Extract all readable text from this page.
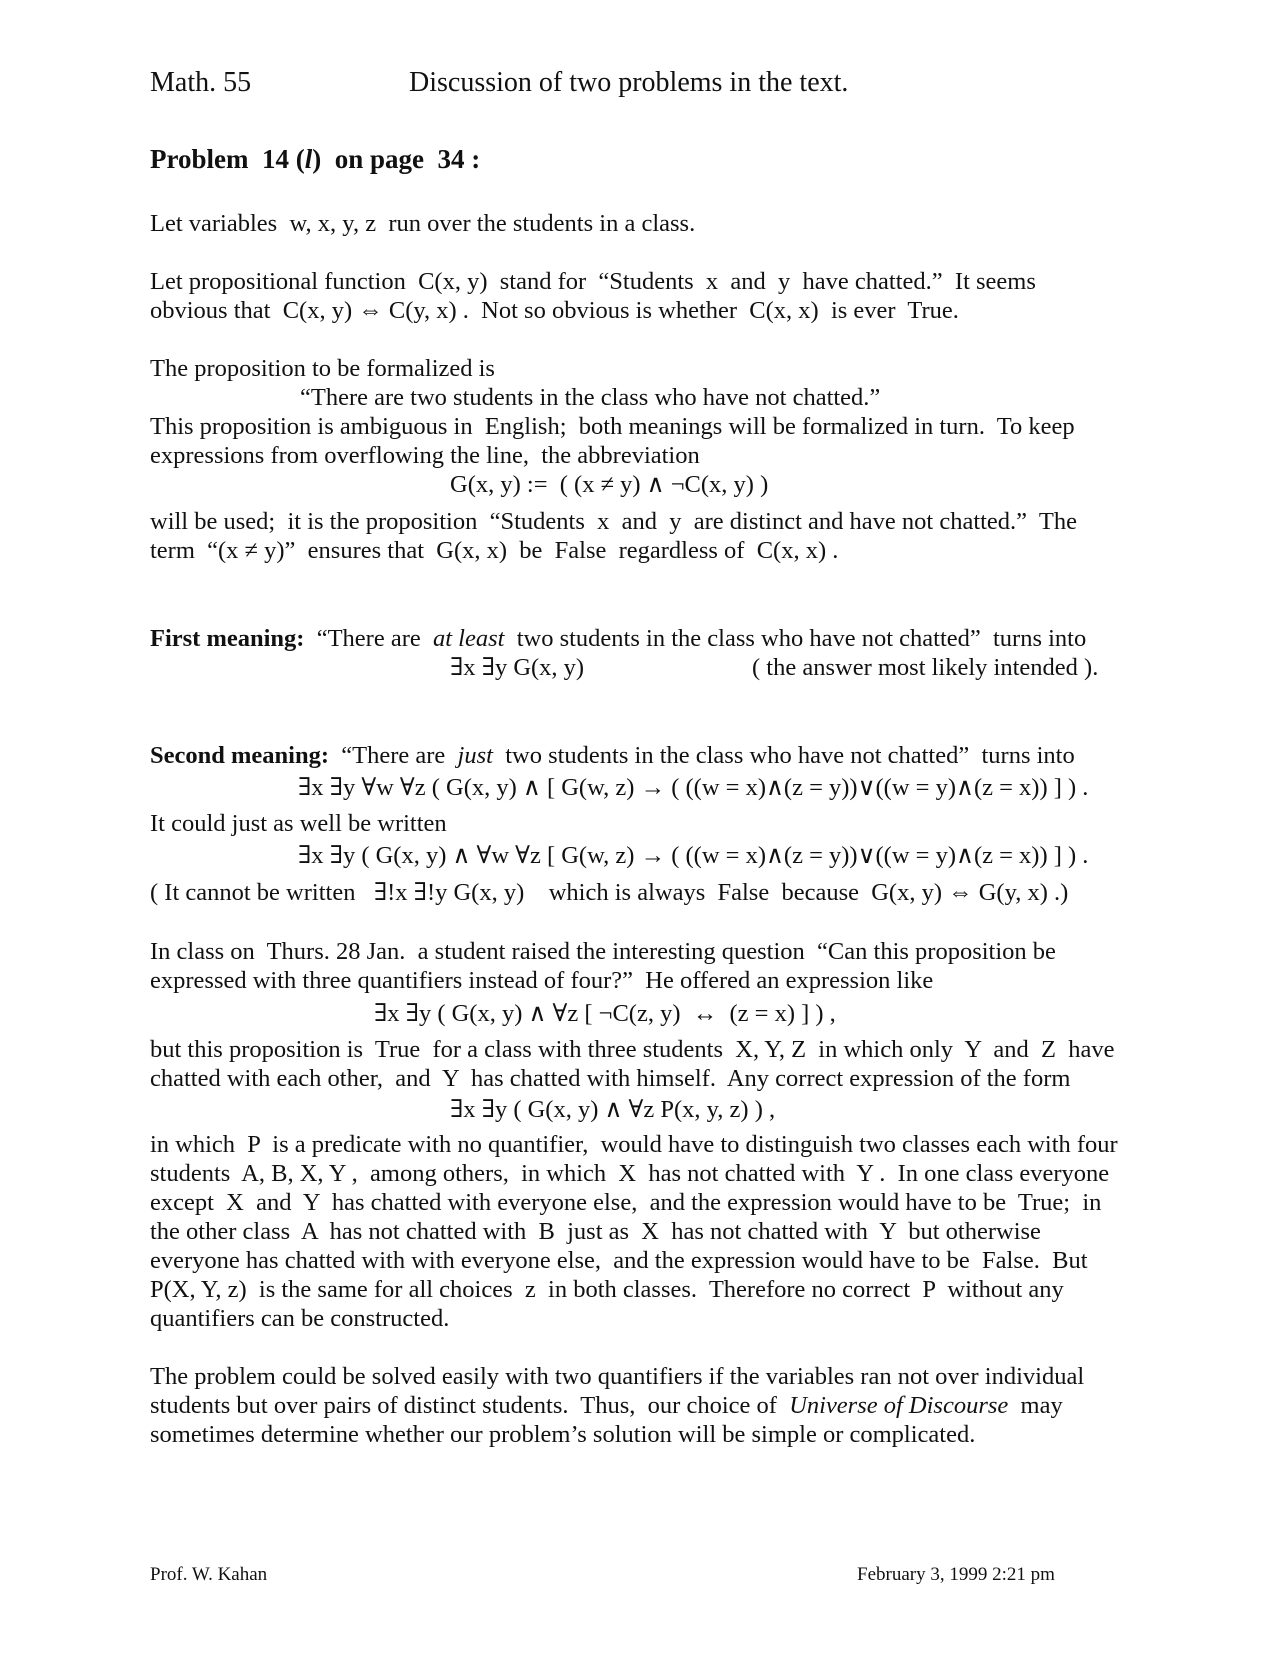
Math. 55	Discussion of two problems in the text.
Problem  14 (l)  on page  34 :
Let variables  w, x, y, z  run over the students in a class.
Let propositional function  C(x, y)  stand for  “Students  x  and  y  have chatted.”  It seems
obvious that  C(x, y) ⇔ C(y, x) .  Not so obvious is whether  C(x, x)  is ever  True.
The proposition to be formalized is
“There are two students in the class who have not chatted.”
This proposition is ambiguous in  English;  both meanings will be formalized in turn.  To keep
expressions from overflowing the line,  the abbreviation
G(x, y) :=  ( (x ≠ y) ∧ ¬C(x, y) )
will be used;  it is the proposition  “Students  x  and  y  are distinct and have not chatted.”  The
term  “(x ≠ y)”  ensures that  G(x, x)  be  False  regardless of  C(x, x) .
First meaning:  “There are  at least  two students in the class who have not chatted”  turns into
∃x ∃y G(x, y)	( the answer most likely intended ).
Second meaning:  “There are  just  two students in the class who have not chatted”  turns into
∃x ∃y ∀w ∀z ( G(x, y) ∧ [ G(w, z) → ( ((w = x)∧(z = y))∨((w = y)∧(z = x)) ] ) .
It could just as well be written
∃x ∃y ( G(x, y) ∧ ∀w ∀z [ G(w, z) → ( ((w = x)∧(z = y))∨((w = y)∧(z = x)) ] ) .
( It cannot be written   ∃!x ∃!y G(x, y)    which is always  False  because  G(x, y) ⇔ G(y, x) .)
In class on  Thurs. 28 Jan.  a student raised the interesting question  “Can this proposition be
expressed with three quantifiers instead of four?”  He offered an expression like
∃x ∃y ( G(x, y) ∧ ∀z [ ¬C(z, y)  ↔  (z = x) ] ) ,
but this proposition is  True  for a class with three students  X, Y, Z  in which only  Y  and  Z  have
chatted with each other,  and  Y  has chatted with himself.  Any correct expression of the form
∃x ∃y ( G(x, y) ∧ ∀z P(x, y, z) ) ,
in which  P  is a predicate with no quantifier,  would have to distinguish two classes each with four
students  A, B, X, Y ,  among others,  in which  X  has not chatted with  Y .  In one class everyone
except  X  and  Y  has chatted with everyone else,  and the expression would have to be  True;  in
the other class  A  has not chatted with  B  just as  X  has not chatted with  Y  but otherwise
everyone has chatted with with everyone else,  and the expression would have to be  False.  But
P(X, Y, z)  is the same for all choices  z  in both classes.  Therefore no correct  P  without any
quantifiers can be constructed.
The problem could be solved easily with two quantifiers if the variables ran not over individual
students but over pairs of distinct students.  Thus,  our choice of  Universe of Discourse  may
sometimes determine whether our problem’s solution will be simple or complicated.
Prof. W. Kahan	February 3, 1999 2:21 pm
